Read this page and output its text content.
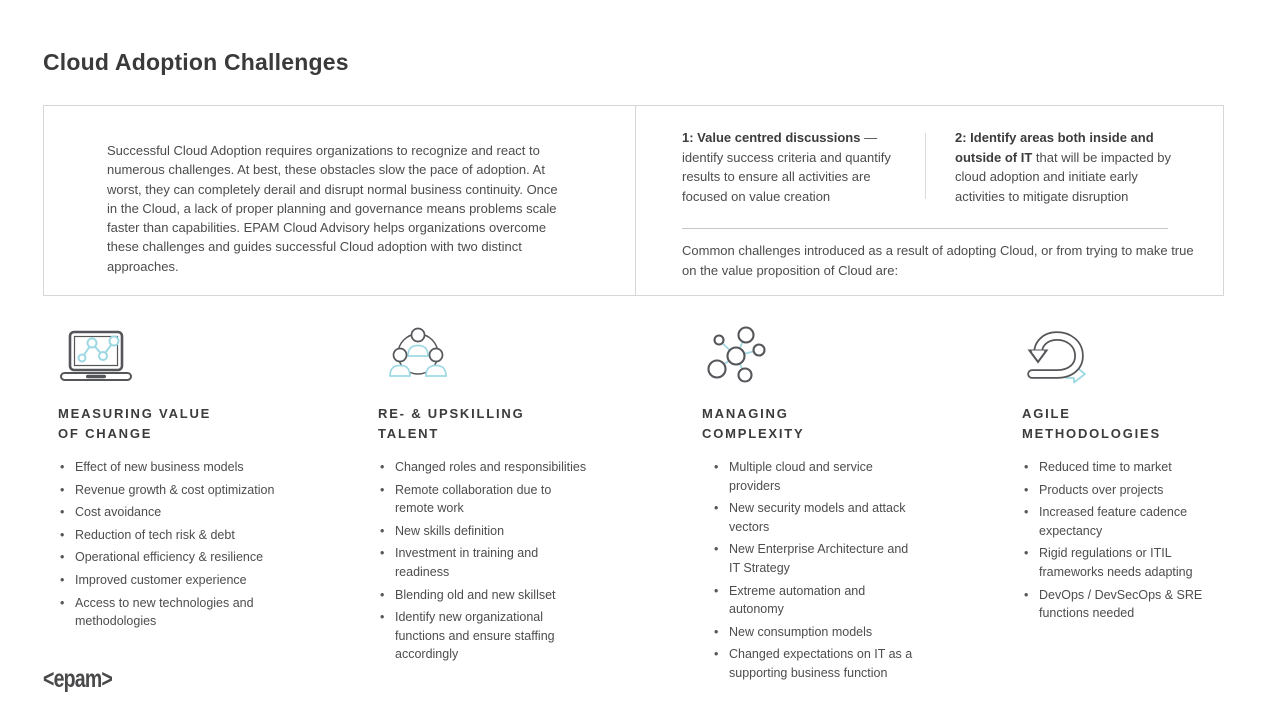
Cloud Adoption Challenges
Successful Cloud Adoption requires organizations to recognize and react to numerous challenges. At best, these obstacles slow the pace of adoption. At worst, they can completely derail and disrupt normal business continuity. Once in the Cloud, a lack of proper planning and governance means problems scale faster than capabilities. EPAM Cloud Advisory helps organizations overcome these challenges and guides successful Cloud adoption with two distinct approaches.

1: Value centred discussions — identify success criteria and quantify results to ensure all activities are focused on value creation

2: Identify areas both inside and outside of IT that will be impacted by cloud adoption and initiate early activities to mitigate disruption

Common challenges introduced as a result of adopting Cloud, or from trying to make true on the value proposition of Cloud are:
MEASURING VALUE
OF CHANGE
• Effect of new business models
• Revenue growth & cost optimization
• Cost avoidance
• Reduction of tech risk & debt
• Operational efficiency & resilience
• Improved customer experience
• Access to new technologies and methodologies
RE- & UPSKILLING
TALENT
• Changed roles and responsibilities
• Remote collaboration due to remote work
• New skills definition
• Investment in training and readiness
• Blending old and new skillset
• Identify new organizational functions and ensure staffing accordingly
MANAGING
COMPLEXITY
• Multiple cloud and service providers
• New security models and attack vectors
• New Enterprise Architecture and IT Strategy
• Extreme automation and autonomy
• New consumption models
• Changed expectations on IT as a supporting business function
AGILE
METHODOLOGIES
• Reduced time to market
• Products over projects
• Increased feature cadence expectancy
• Rigid regulations or ITIL frameworks needs adapting
• DevOps / DevSecOps & SRE functions needed
<epam>
